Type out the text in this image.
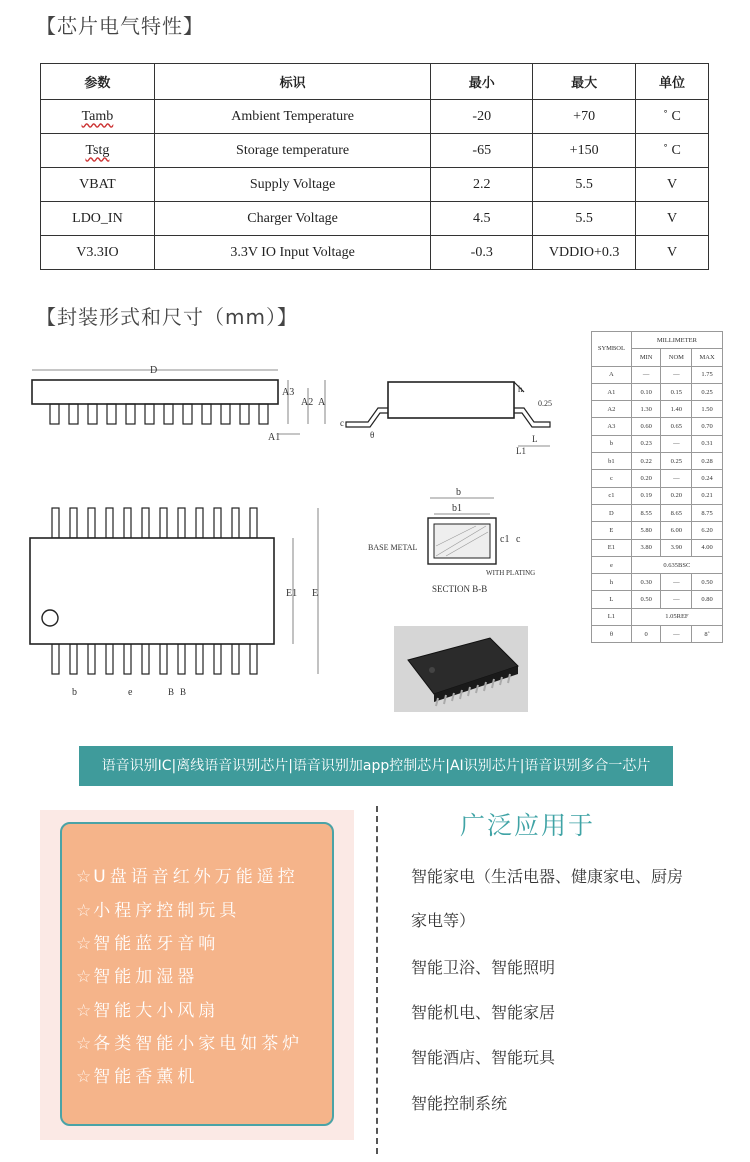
【芯片电气特性】
参数	标识	最小	最大	单位
Tamb	Ambient Temperature	-20	+70	˚ C
Tstg	Storage temperature	-65	+150	˚ C
VBAT	Supply Voltage	2.2	5.5	V
LDO_IN	Charger Voltage	4.5	5.5	V
V3.3IO	3.3V IO Input Voltage	-0.3	VDDIO+0.3	V
【封装形式和尺寸（mm）】
D
A3
A2 A
A1
h
0.25
c
θ	L
L1
E1 E
b	e	B B
b
b1
c1 c
BASE METAL
WITH PLATING
SECTION B-B
SYMBOL	MILLIMETER		
	MIN	NOM	MAX
A	—	—	1.75
A1	0.10	0.15	0.25
A2	1.30	1.40	1.50
A3	0.60	0.65	0.70
b	0.23	—	0.31
b1	0.22	0.25	0.28
c	0.20	—	0.24
c1	0.19	0.20	0.21
D	8.55	8.65	8.75
E	5.80	6.00	6.20
E1	3.80	3.90	4.00
e	0.635BSC		
h	0.30	—	0.50
L	0.50	—	0.80
L1	1.05REF		
θ	0	—	8˚
语音识别IC|离线语音识别芯片|语音识别加app控制芯片|AI识别芯片|语音识别多合一芯片
☆ U盘语音红外万能遥控
☆ 小程序控制玩具
☆ 智能蓝牙音响
☆ 智能加湿器
☆ 智能大小风扇
☆ 各类智能小家电如茶炉
☆ 智能香薰机
广泛应用于
智能家电（生活电器、健康家电、厨房
家电等）
智能卫浴、智能照明
智能机电、智能家居
智能酒店、智能玩具
智能控制系统
